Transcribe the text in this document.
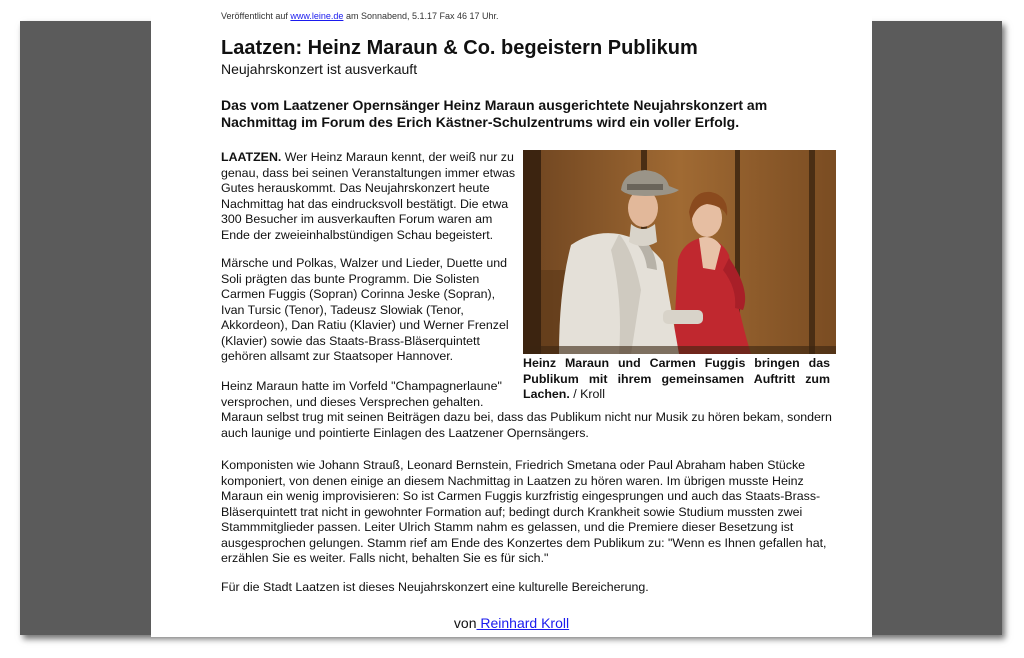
Veröffentlicht auf www.leine.de am Sonnabend, 5.1.17 Fax 46 17 Uhr.
Laatzen: Heinz Maraun & Co. begeistern Publikum
Neujahrskonzert ist ausverkauft

Das vom Laatzener Opernsänger Heinz Maraun ausgerichtete Neujahrskonzert am Nachmittag im Forum des Erich Kästner-Schulzentrums wird ein voller Erfolg.

LAATZEN. Wer Heinz Maraun kennt, der weiß nur zu genau, dass bei seinen Veranstaltungen immer etwas Gutes herauskommt. Das Neujahrskonzert heute Nachmittag hat das eindrucksvoll bestätigt. Die etwa 300 Besucher im ausverkauften Forum waren am Ende der zweieinhalbstündigen Schau begeistert.

Märsche und Polkas, Walzer und Lieder, Duette und Soli prägten das bunte Programm. Die Solisten Carmen Fuggis (Sopran) Corinna Jeske (Sopran), Ivan Tursic (Tenor), Tadeusz Slowiak (Tenor, Akkordeon), Dan Ratiu (Klavier) und Werner Frenzel (Klavier) sowie das Staats-Brass-Bläserquintett gehören allsamt zur Staatsoper Hannover.

Heinz Maraun hatte im Vorfeld "Champagnerlaune" versprochen, und dieses Versprechen gehalten.

Maraun selbst trug mit seinen Beiträgen dazu bei, dass das Publikum nicht nur Musik zu hören bekam, sondern auch launige und pointierte Einlagen des Laatzener Opernsängers.

Komponisten wie Johann Strauß, Leonard Bernstein, Friedrich Smetana oder Paul Abraham haben Stücke komponiert, von denen einige an diesem Nachmittag in Laatzen zu hören waren. Im übrigen musste Heinz Maraun ein wenig improvisieren: So ist Carmen Fuggis kurzfristig eingesprungen und auch das Staats-Brass-Bläserquintett trat nicht in gewohnter Formation auf; bedingt durch Krankheit sowie Studium mussten zwei Stammmitglieder passen. Leiter Ulrich Stamm nahm es gelassen, und die Premiere dieser Besetzung ist ausgesprochen gelungen. Stamm rief am Ende des Konzertes dem Publikum zu: "Wenn es Ihnen gefallen hat, erzählen Sie es weiter. Falls nicht, behalten Sie es für sich."

Für die Stadt Laatzen ist dieses Neujahrskonzert eine kulturelle Bereicherung.

Heinz Maraun und Carmen Fuggis bringen das Publikum mit ihrem gemeinsamen Auftritt zum Lachen. / Kroll

von Reinhard Kroll
